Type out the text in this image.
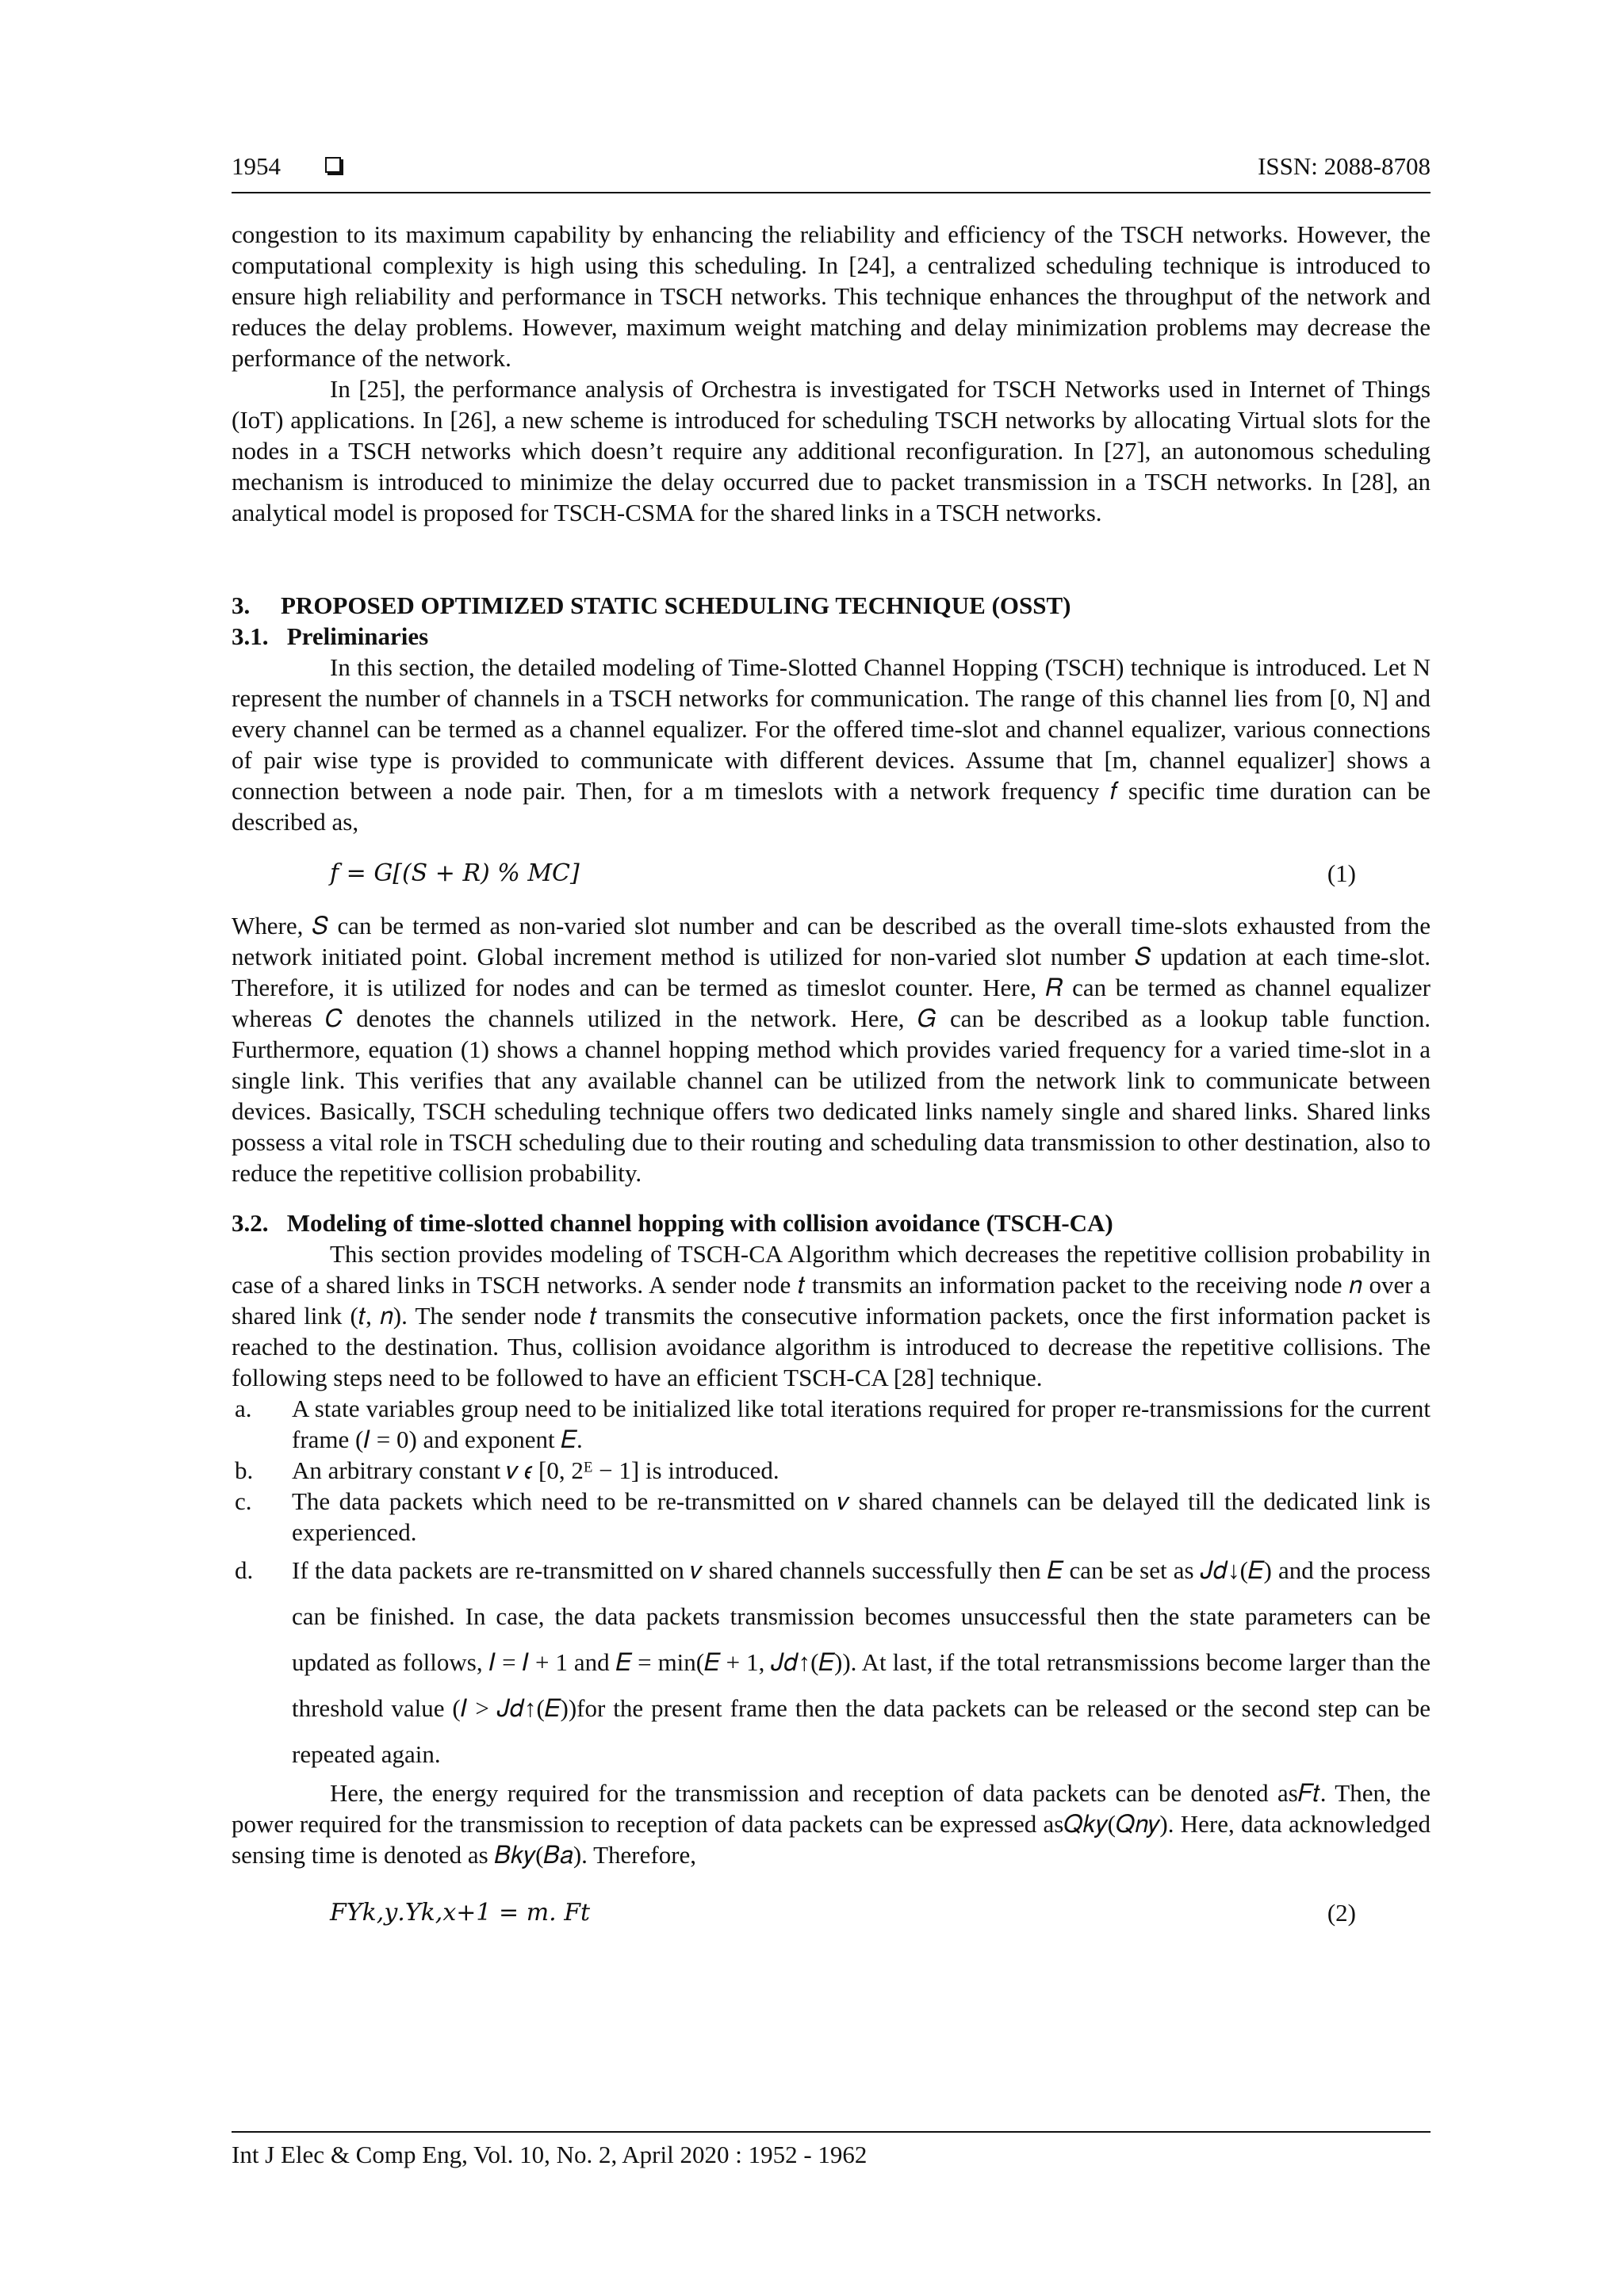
1954	ISSN: 2088-8708

congestion to its maximum capability by enhancing the reliability and efficiency of the TSCH networks. However, the computational complexity is high using this scheduling. In [24], a centralized scheduling technique is introduced to ensure high reliability and performance in TSCH networks. This technique enhances the throughput of the network and reduces the delay problems. However, maximum weight matching and delay minimization problems may decrease the performance of the network.

In [25], the performance analysis of Orchestra is investigated for TSCH Networks used in Internet of Things (IoT) applications. In [26], a new scheme is introduced for scheduling TSCH networks by allocating Virtual slots for the nodes in a TSCH networks which doesn’t require any additional reconfiguration. In [27], an autonomous scheduling mechanism is introduced to minimize the delay occurred due to packet transmission in a TSCH networks. In [28], an analytical model is proposed for TSCH-CSMA for the shared links in a TSCH networks.

3.     PROPOSED OPTIMIZED STATIC SCHEDULING TECHNIQUE (OSST)

3.1.   Preliminaries

In this section, the detailed modeling of Time-Slotted Channel Hopping (TSCH) technique is introduced. Let N represent the number of channels in a TSCH networks for communication. The range of this channel lies from [0, N] and every channel can be termed as a channel equalizer. For the offered time-slot and channel equalizer, various connections of pair wise type is provided to communicate with different devices. Assume that [m, channel equalizer] shows a connection between a node pair. Then, for a m timeslots with a network frequency 𝑓 specific time duration can be described as,

𝑓 = 𝐺[(𝑆 + 𝑅) % 𝑀𝐶]	(1)

Where, 𝑆 can be termed as non-varied slot number and can be described as the overall time-slots exhausted from the network initiated point. Global increment method is utilized for non-varied slot number 𝑆 updation at each time-slot. Therefore, it is utilized for nodes and can be termed as timeslot counter. Here, 𝑅 can be termed as channel equalizer whereas 𝐶 denotes the channels utilized in the network. Here, 𝐺 can be described as a lookup table function. Furthermore, equation (1) shows a channel hopping method which provides varied frequency for a varied time-slot in a single link. This verifies that any available channel can be utilized from the network link to communicate between devices. Basically, TSCH scheduling technique offers two dedicated links namely single and shared links. Shared links possess a vital role in TSCH scheduling due to their routing and scheduling data transmission to other destination, also to reduce the repetitive collision probability.

3.2.   Modeling of time-slotted channel hopping with collision avoidance (TSCH-CA)

This section provides modeling of TSCH-CA Algorithm which decreases the repetitive collision probability in case of a shared links in TSCH networks. A sender node 𝑡 transmits an information packet to the receiving node 𝑛 over a shared link (𝑡, 𝑛). The sender node 𝑡 transmits the consecutive information packets, once the first information packet is reached to the destination. Thus, collision avoidance algorithm is introduced to decrease the repetitive collisions. The following steps need to be followed to have an efficient TSCH-CA [28] technique.

a. A state variables group need to be initialized like total iterations required for proper re-transmissions for the current frame (𝐼 = 0) and exponent 𝐸.
b. An arbitrary constant 𝑣 𝜖 [0, 2ᴱ − 1] is introduced.
c. The data packets which need to be re-transmitted on 𝑣 shared channels can be delayed till the dedicated link is experienced.
d. If the data packets are re-transmitted on 𝑣 shared channels successfully then 𝐸 can be set as 𝐽𝑑↓(𝐸) and the process can be finished. In case, the data packets transmission becomes unsuccessful then the state parameters can be updated as follows, 𝐼 = 𝐼 + 1 and 𝐸 = min(𝐸 + 1, 𝐽𝑑↑(𝐸)). At last, if the total retransmissions become larger than the threshold value (𝐼 > 𝐽𝑑↑(𝐸))for the present frame then the data packets can be released or the second step can be repeated again.

Here, the energy required for the transmission and reception of data packets can be denoted as𝐹𝑡. Then, the power required for the transmission to reception of data packets can be expressed as𝑄𝑘𝑦(𝑄𝑛𝑦). Here, data acknowledged sensing time is denoted as 𝐵𝑘𝑦(𝐵𝑎). Therefore,

𝐹𝑌𝑘,𝑦.𝑌𝑘,𝑥+1 = 𝑚. 𝐹𝑡	(2)
Int J Elec & Comp Eng, Vol. 10, No. 2, April 2020 : 1952 - 1962
